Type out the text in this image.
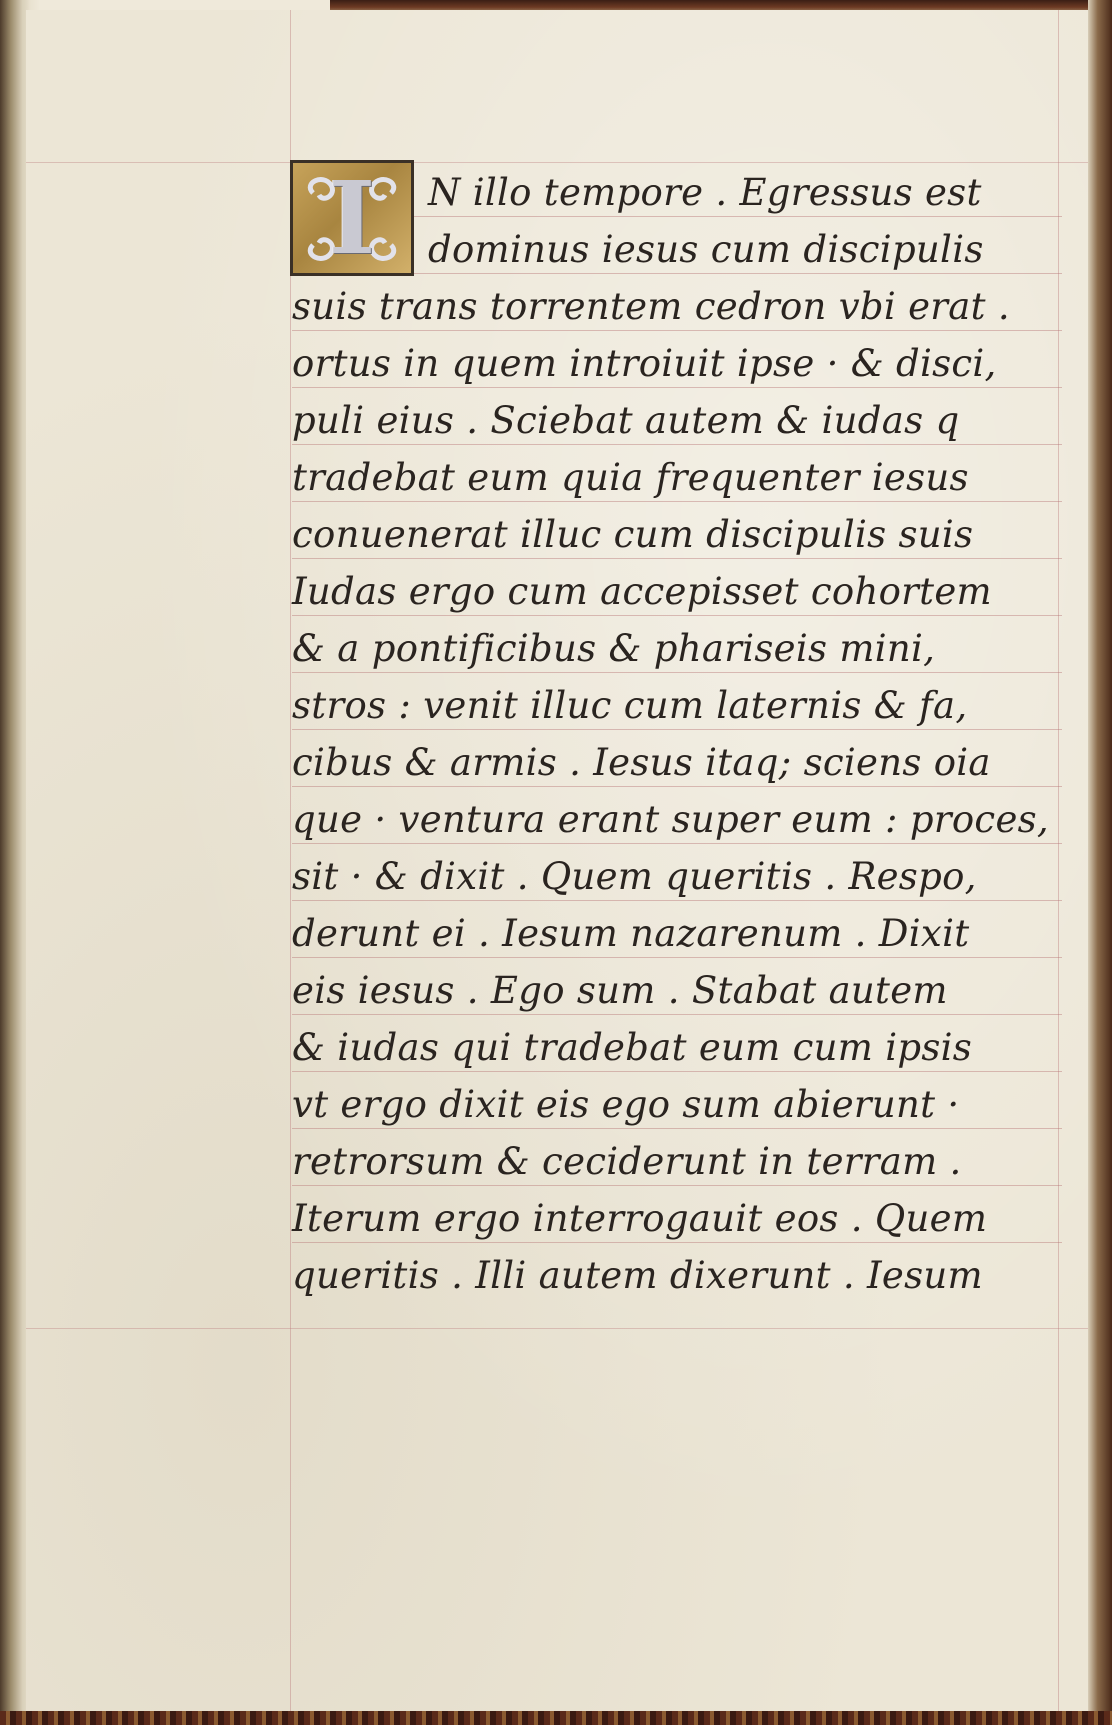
N illo tempore . Egressus est
dominus iesus cum discipulis
suis trans torrentem cedron vbi erat .
ortus in quem introiuit ipse · & disci,
puli eius . Sciebat autem & iudas q
tradebat eum quia frequenter iesus
conuenerat illuc cum discipulis suis
Iudas ergo cum accepisset cohortem
& a pontificibus & phariseis mini,
stros : venit illuc cum laternis & fa,
cibus & armis . Iesus itaq; sciens oia
que · ventura erant super eum : proces,
sit · & dixit . Quem queritis . Respo,
derunt ei . Iesum nazarenum . Dixit
eis iesus . Ego sum . Stabat autem
& iudas qui tradebat eum cum ipsis
vt ergo dixit eis ego sum abierunt ·
retrorsum & ceciderunt in terram .
Iterum ergo interrogauit eos . Quem
queritis . Illi autem dixerunt . Iesum
I
